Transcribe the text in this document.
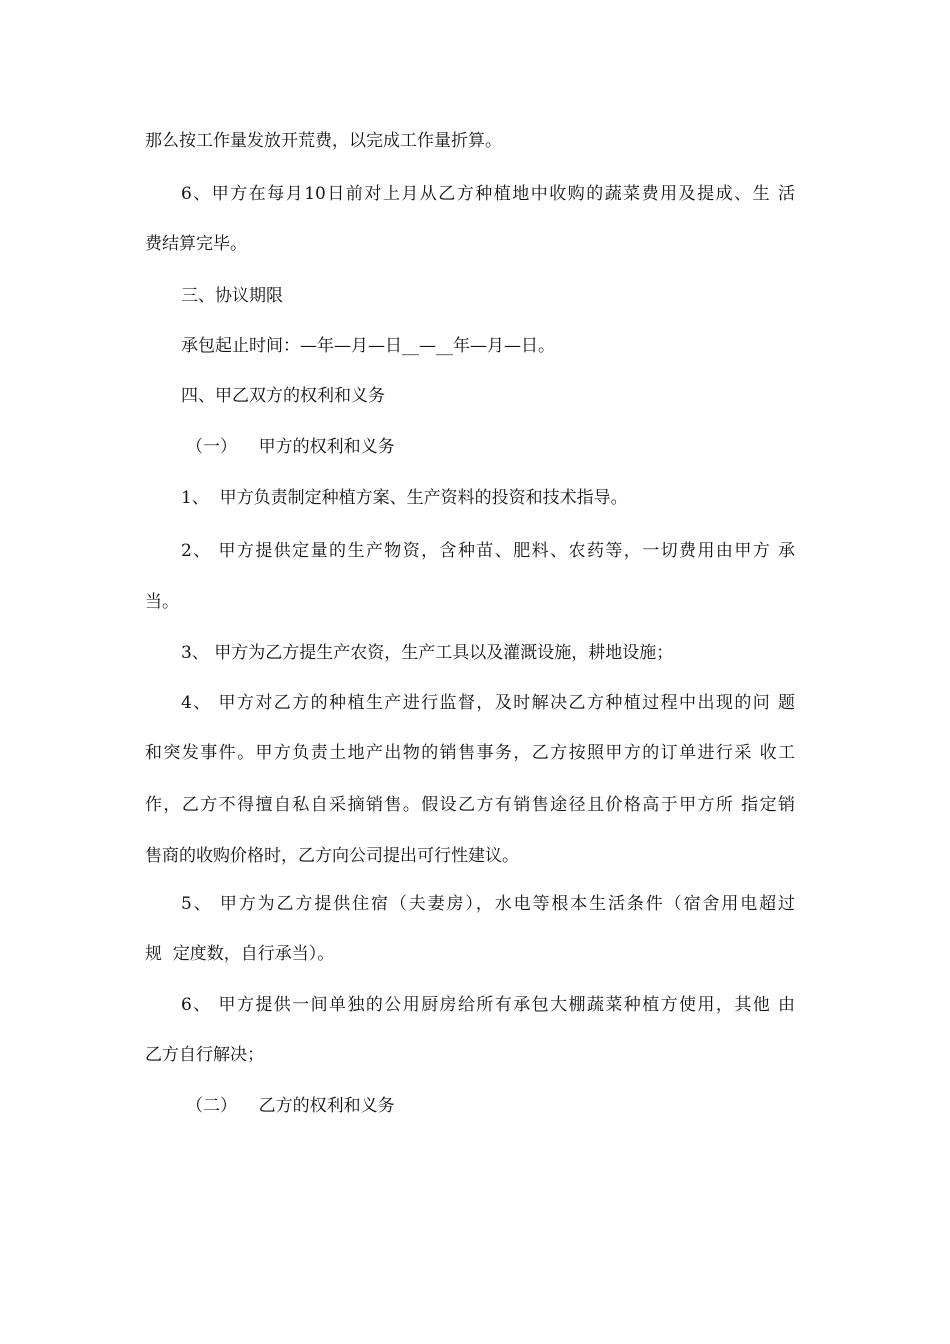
那么按工作量发放开荒费，以完成工作量折算。
6、甲方在每月10日前对上月从乙方种植地中收购的蔬菜费用及提成、生 活
费结算完毕。
三、协议期限
承包起止时间：—年—月—日__—__年—月—日。
四、甲乙双方的权利和义务
（一）    甲方的权利和义务
1、  甲方负责制定种植方案、生产资料的投资和技术指导。
2、 甲方提供定量的生产物资，含种苗、肥料、农药等，一切费用由甲方 承
当。
3、 甲方为乙方提生产农资，生产工具以及灌溉设施，耕地设施；
4、 甲方对乙方的种植生产进行监督，及时解决乙方种植过程中出现的问 题
和突发事件。甲方负责土地产出物的销售事务，乙方按照甲方的订单进行采 收工
作，乙方不得擅自私自采摘销售。假设乙方有销售途径且价格高于甲方所 指定销
售商的收购价格时，乙方向公司提出可行性建议。
5、 甲方为乙方提供住宿（夫妻房），水电等根本生活条件（宿舍用电超过
规  定度数，自行承当）。
6、 甲方提供一间单独的公用厨房给所有承包大棚蔬菜种植方使用，其他 由
乙方自行解决；
（二）    乙方的权利和义务
